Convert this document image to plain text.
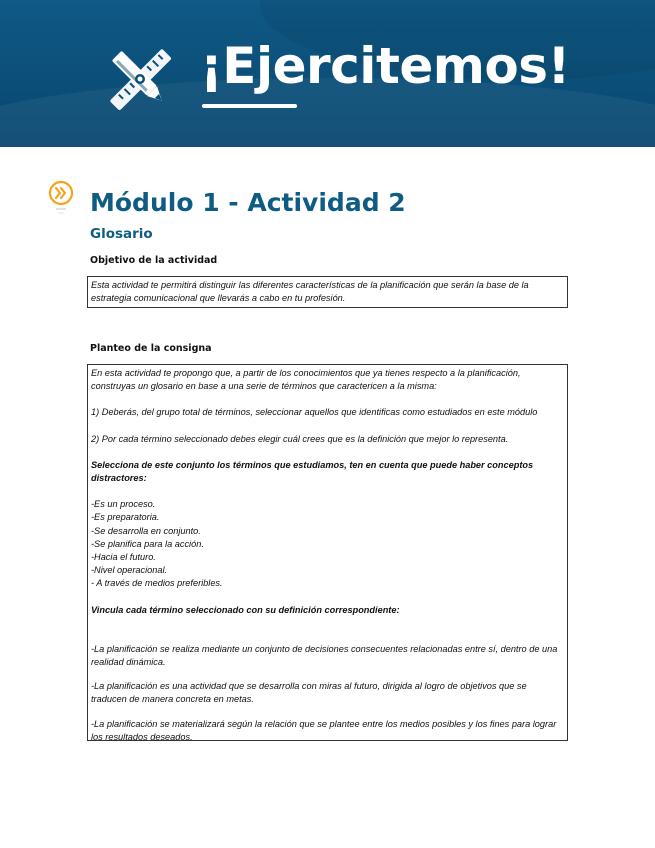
¡Ejercitemos!
Módulo 1 - Actividad 2
Glosario
Objetivo de la actividad

Esta actividad te permitirá distinguir las diferentes características de la planificación que serán la base de la estrategia comunicacional que llevarás a cabo en tu profesión.

Planteo de la consigna

En esta actividad te propongo que, a partir de los conocimientos que ya tienes respecto a la planificación, construyas un glosario en base a una serie de términos que caractericen a la misma:

1) Deberás, del grupo total de términos, seleccionar aquellos que identificas como estudiados en este módulo

2) Por cada término seleccionado debes elegir cuál crees que es la definición que mejor lo representa.

Selecciona de este conjunto los términos que estudiamos, ten en cuenta que puede haber conceptos distractores:

-Es un proceso.

-Es preparatoria.

-Se desarrolla en conjunto.

-Se planifica para la acción.

-Hacia el futuro.

-Nivel operacional.

- A través de medios preferibles.

Vincula cada término seleccionado con su definición correspondiente:

-La planificación se realiza mediante un conjunto de decisiones consecuentes relacionadas entre sí, dentro de una realidad dinámica.

-La planificación es una actividad que se desarrolla con miras al futuro, dirigida al logro de objetivos que se traducen de manera concreta en metas.

-La planificación se materializará según la relación que se plantee entre los medios posibles y los fines para lograr los resultados deseados.
